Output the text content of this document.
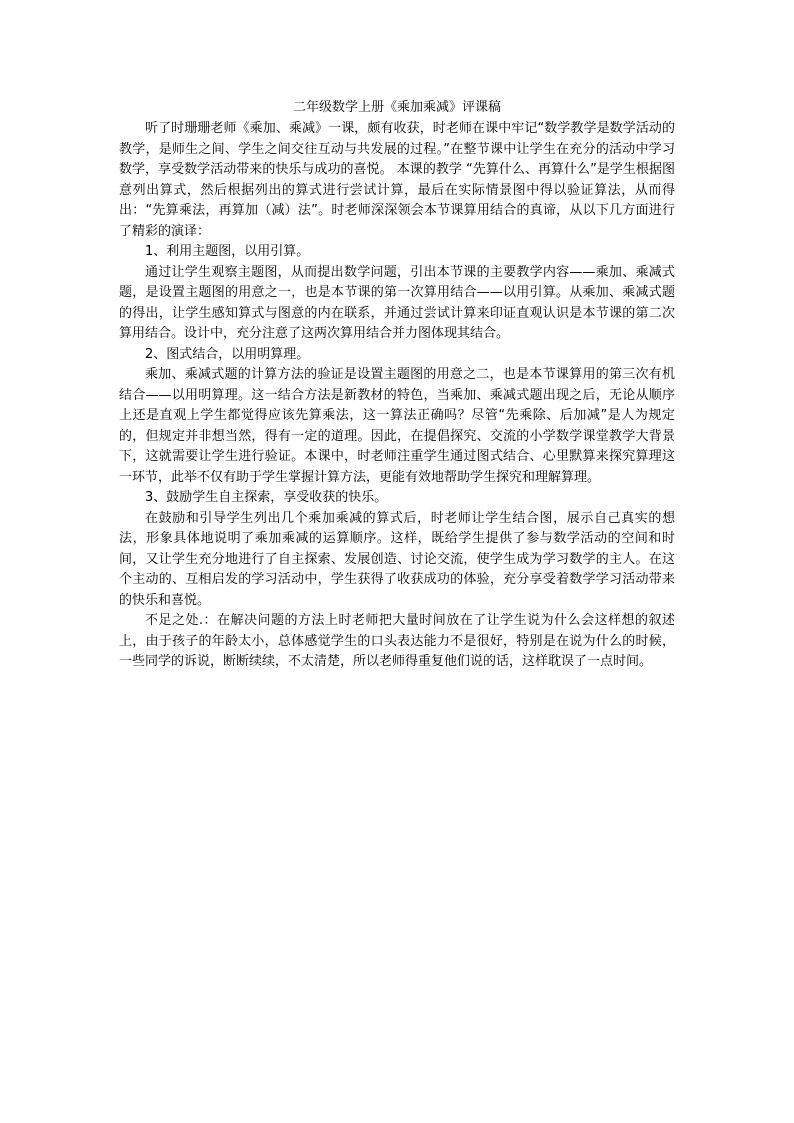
二年级数学上册《乘加乘减》评课稿

听了时珊珊老师《乘加、乘减》一课，颇有收获，时老师在课中牢记“数学教学是数学活动的教学，是师生之间、学生之间交往互动与共发展的过程。”在整节课中让学生在充分的活动中学习数学，享受数学活动带来的快乐与成功的喜悦。 本课的教学 “先算什么、再算什么”是学生根据图意列出算式，然后根据列出的算式进行尝试计算，最后在实际情景图中得以验证算法，从而得出：“先算乘法，再算加（减）法”。时老师深深领会本节课算用结合的真谛，从以下几方面进行了精彩的演译：

1、利用主题图，以用引算。

通过让学生观察主题图，从而提出数学问题，引出本节课的主要教学内容——乘加、乘减式题，是设置主题图的用意之一，也是本节课的第一次算用结合——以用引算。从乘加、乘减式题的得出，让学生感知算式与图意的内在联系，并通过尝试计算来印证直观认识是本节课的第二次算用结合。设计中，充分注意了这两次算用结合并力图体现其结合。

2、图式结合，以用明算理。

乘加、乘减式题的计算方法的验证是设置主题图的用意之二，也是本节课算用的第三次有机结合——以用明算理。这一结合方法是新教材的特色，当乘加、乘减式题出现之后，无论从顺序上还是直观上学生都觉得应该先算乘法，这一算法正确吗？尽管“先乘除、后加减”是人为规定的，但规定并非想当然，得有一定的道理。因此，在提倡探究、交流的小学数学课堂教学大背景下，这就需要让学生进行验证。本课中，时老师注重学生通过图式结合、心里默算来探究算理这一环节，此举不仅有助于学生掌握计算方法，更能有效地帮助学生探究和理解算理。

3、鼓励学生自主探索，享受收获的快乐。

在鼓励和引导学生列出几个乘加乘减的算式后，时老师让学生结合图，展示自己真实的想法，形象具体地说明了乘加乘减的运算顺序。这样，既给学生提供了参与数学活动的空间和时间，又让学生充分地进行了自主探索、发展创造、讨论交流，使学生成为学习数学的主人。在这个主动的、互相启发的学习活动中，学生获得了收获成功的体验，充分享受着数学学习活动带来的快乐和喜悦。

不足之处.：在解决问题的方法上时老师把大量时间放在了让学生说为什么会这样想的叙述上，由于孩子的年龄太小，总体感觉学生的口头表达能力不是很好，特别是在说为什么的时候，一些同学的诉说，断断续续，不太清楚，所以老师得重复他们说的话，这样耽误了一点时间。
